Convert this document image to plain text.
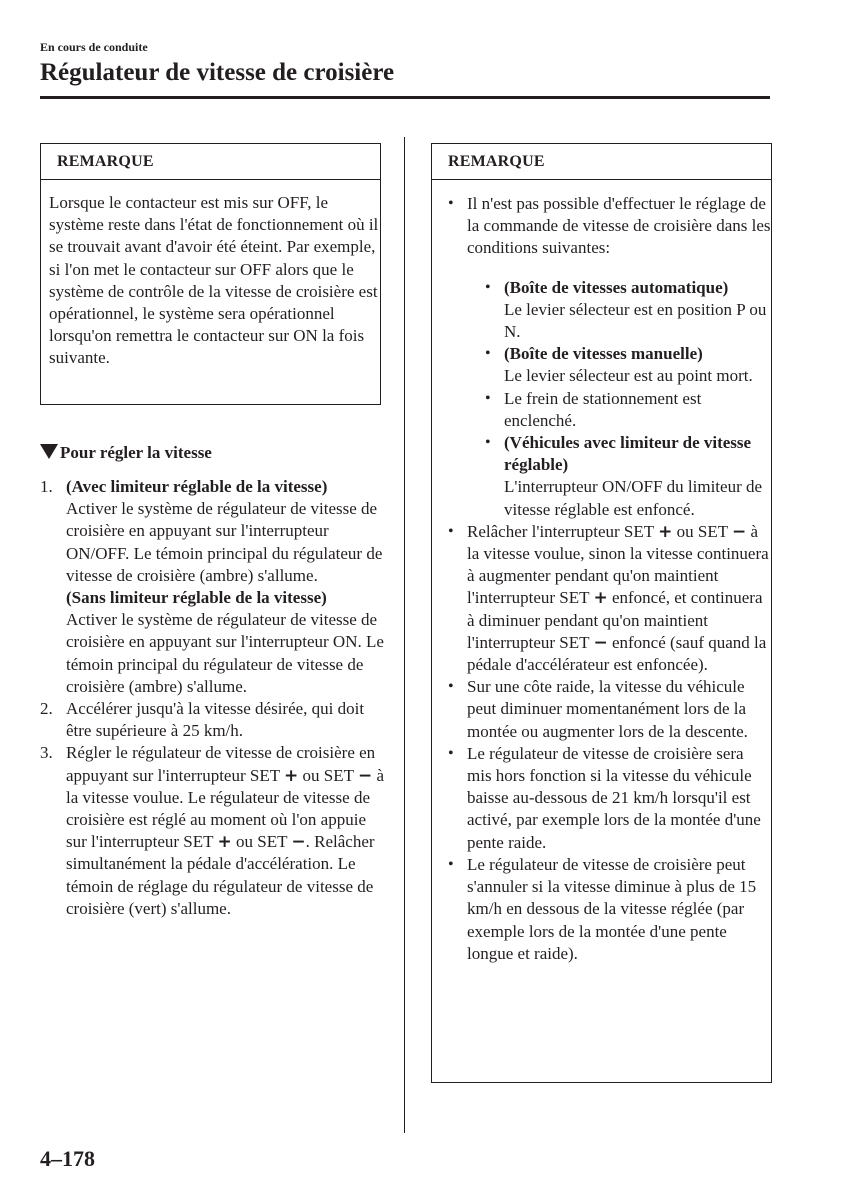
En cours de conduite
Régulateur de vitesse de croisière
REMARQUE
Lorsque le contacteur est mis sur OFF, le système reste dans l'état de fonctionnement où il se trouvait avant d'avoir été éteint. Par exemple, si l'on met le contacteur sur OFF alors que le système de contrôle de la vitesse de croisière est opérationnel, le système sera opérationnel lorsqu'on remettra le contacteur sur ON la fois suivante.
Pour régler la vitesse
1. (Avec limiteur réglable de la vitesse)
Activer le système de régulateur de vitesse de croisière en appuyant sur l'interrupteur ON/OFF. Le témoin principal du régulateur de vitesse de croisière (ambre) s'allume.
(Sans limiteur réglable de la vitesse)
Activer le système de régulateur de vitesse de croisière en appuyant sur l'interrupteur ON. Le témoin principal du régulateur de vitesse de croisière (ambre) s'allume.
2. Accélérer jusqu'à la vitesse désirée, qui doit être supérieure à 25 km/h.
3. Régler le régulateur de vitesse de croisière en appuyant sur l'interrupteur SET + ou SET − à la vitesse voulue. Le régulateur de vitesse de croisière est réglé au moment où l'on appuie sur l'interrupteur SET + ou SET −. Relâcher simultanément la pédale d'accélération. Le témoin de réglage du régulateur de vitesse de croisière (vert) s'allume.
REMARQUE
• Il n'est pas possible d'effectuer le réglage de la commande de vitesse de croisière dans les conditions suivantes:
• (Boîte de vitesses automatique)
Le levier sélecteur est en position P ou N.
• (Boîte de vitesses manuelle)
Le levier sélecteur est au point mort.
• Le frein de stationnement est enclenché.
• (Véhicules avec limiteur de vitesse réglable)
L'interrupteur ON/OFF du limiteur de vitesse réglable est enfoncé.
• Relâcher l'interrupteur SET + ou SET − à la vitesse voulue, sinon la vitesse continuera à augmenter pendant qu'on maintient l'interrupteur SET + enfoncé, et continuera à diminuer pendant qu'on maintient l'interrupteur SET − enfoncé (sauf quand la pédale d'accélérateur est enfoncée).
• Sur une côte raide, la vitesse du véhicule peut diminuer momentanément lors de la montée ou augmenter lors de la descente.
• Le régulateur de vitesse de croisière sera mis hors fonction si la vitesse du véhicule baisse au-dessous de 21 km/h lorsqu'il est activé, par exemple lors de la montée d'une pente raide.
• Le régulateur de vitesse de croisière peut s'annuler si la vitesse diminue à plus de 15 km/h en dessous de la vitesse réglée (par exemple lors de la montée d'une pente longue et raide).
4–178
